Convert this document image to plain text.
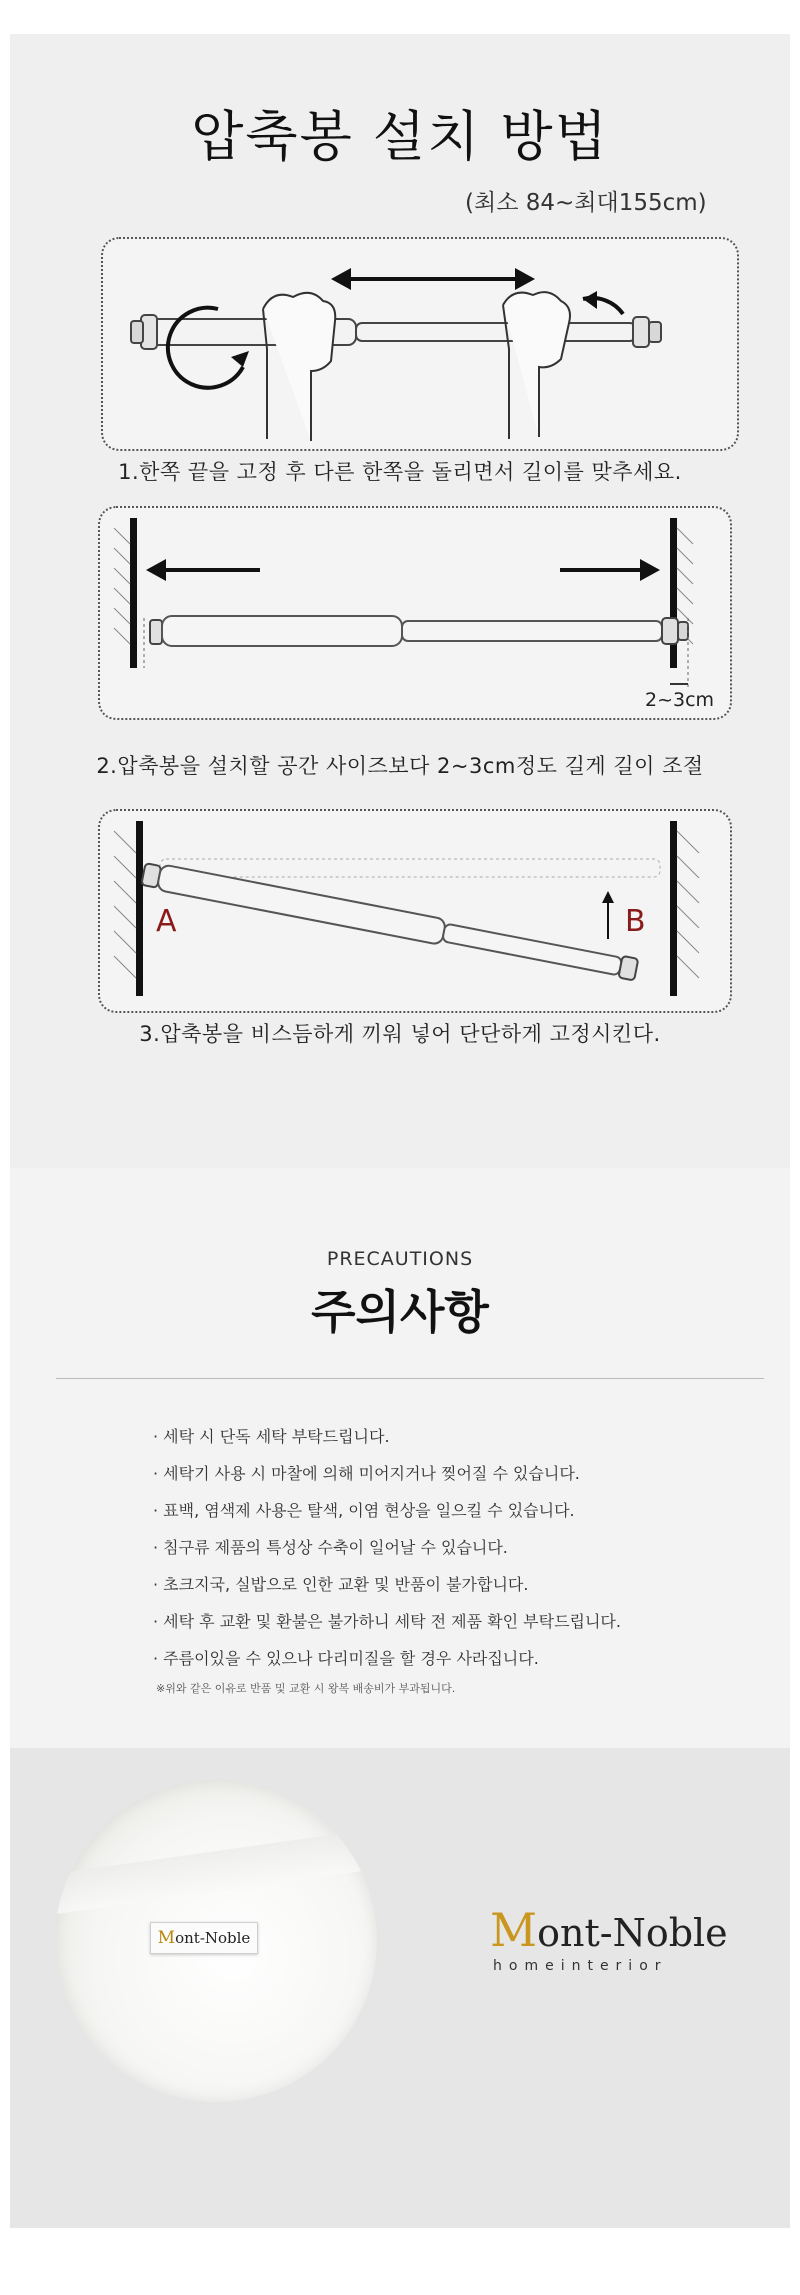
압축봉 설치 방법
(최소 84~최대155cm)
1.한쪽 끝을 고정 후 다른 한쪽을 돌리면서 길이를 맞추세요.
2~3cm
2.압축봉을 설치할 공간 사이즈보다 2~3cm정도 길게 길이 조절
A	B
3.압축봉을 비스듬하게 끼워 넣어 단단하게 고정시킨다.
PRECAUTIONS
주의사항
· 세탁 시 단독 세탁 부탁드립니다.
· 세탁기 사용 시 마찰에 의해 미어지거나 찢어질 수 있습니다.
· 표백, 염색제 사용은 탈색, 이염 현상을 일으킬 수 있습니다.
· 침구류 제품의 특성상 수축이 일어날 수 있습니다.
· 초크지국, 실밥으로 인한 교환 및 반품이 불가합니다.
· 세탁 후 교환 및 환불은 불가하니 세탁 전 제품 확인 부탁드립니다.
· 주름이있을 수 있으나 다리미질을 할 경우 사라집니다.
※위와 같은 이유로 반품 및 교환 시 왕복 배송비가 부과됩니다.
M ont-Noble	Mont-Noble
homeinterior
